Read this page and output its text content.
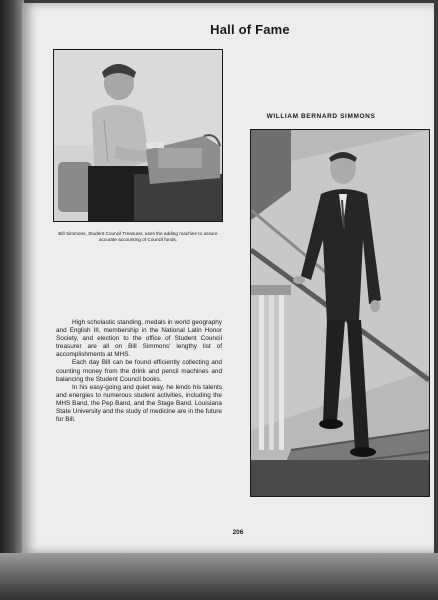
Hall of Fame
Bill Simmons, Student Council Treasurer, uses the adding machine to assure accurate accounting of Council funds.
WILLIAM BERNARD SIMMONS

High scholastic standing, medals in world geography and English III, membership in the National Latin Honor Society, and election to the office of Student Council treasurer are all on Bill Simmons' lengthy list of accomplishments at MHS.

Each day Bill can be found efficiently collecting and counting money from the drink and pencil machines and balancing the Student Council books.

In his easy-going and quiet way, he lends his talents and energies to numerous student activities, including the MHS Band, the Pep Band, and the Stage Band. Louisiana State University and the study of medicine are in the future for Bill.

206
